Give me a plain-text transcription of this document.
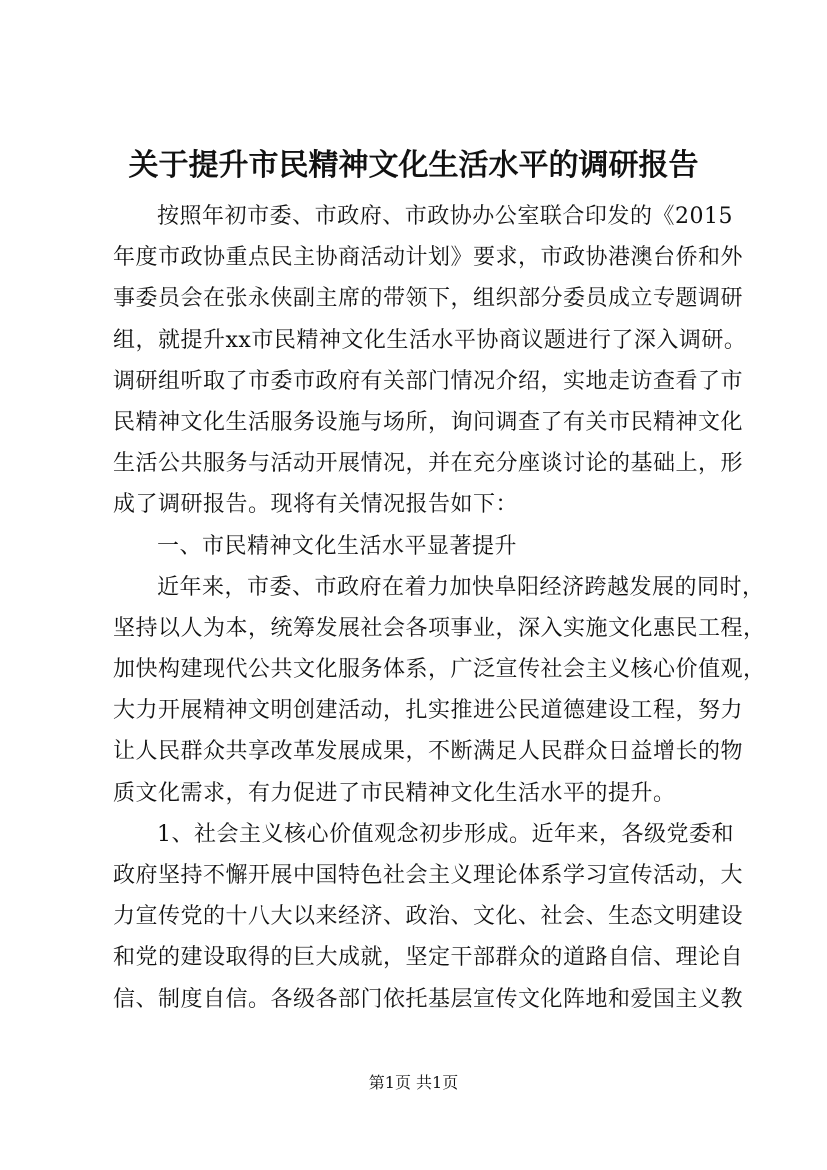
关于提升市民精神文化生活水平的调研报告
按照年初市委、市政府、市政协办公室联合印发的《2015
年度市政协重点民主协商活动计划》要求，市政协港澳台侨和外
事委员会在张永侠副主席的带领下，组织部分委员成立专题调研
组，就提升xx市民精神文化生活水平协商议题进行了深入调研。
调研组听取了市委市政府有关部门情况介绍，实地走访查看了市
民精神文化生活服务设施与场所，询问调查了有关市民精神文化
生活公共服务与活动开展情况，并在充分座谈讨论的基础上，形
成了调研报告。现将有关情况报告如下：
一、市民精神文化生活水平显著提升
近年来，市委、市政府在着力加快阜阳经济跨越发展的同时，
坚持以人为本，统筹发展社会各项事业，深入实施文化惠民工程，
加快构建现代公共文化服务体系，广泛宣传社会主义核心价值观，
大力开展精神文明创建活动，扎实推进公民道德建设工程，努力
让人民群众共享改革发展成果，不断满足人民群众日益增长的物
质文化需求，有力促进了市民精神文化生活水平的提升。
1、社会主义核心价值观念初步形成。近年来，各级党委和
政府坚持不懈开展中国特色社会主义理论体系学习宣传活动，大
力宣传党的十八大以来经济、政治、文化、社会、生态文明建设
和党的建设取得的巨大成就，坚定干部群众的道路自信、理论自
信、制度自信。各级各部门依托基层宣传文化阵地和爱国主义教
第1页 共1页
